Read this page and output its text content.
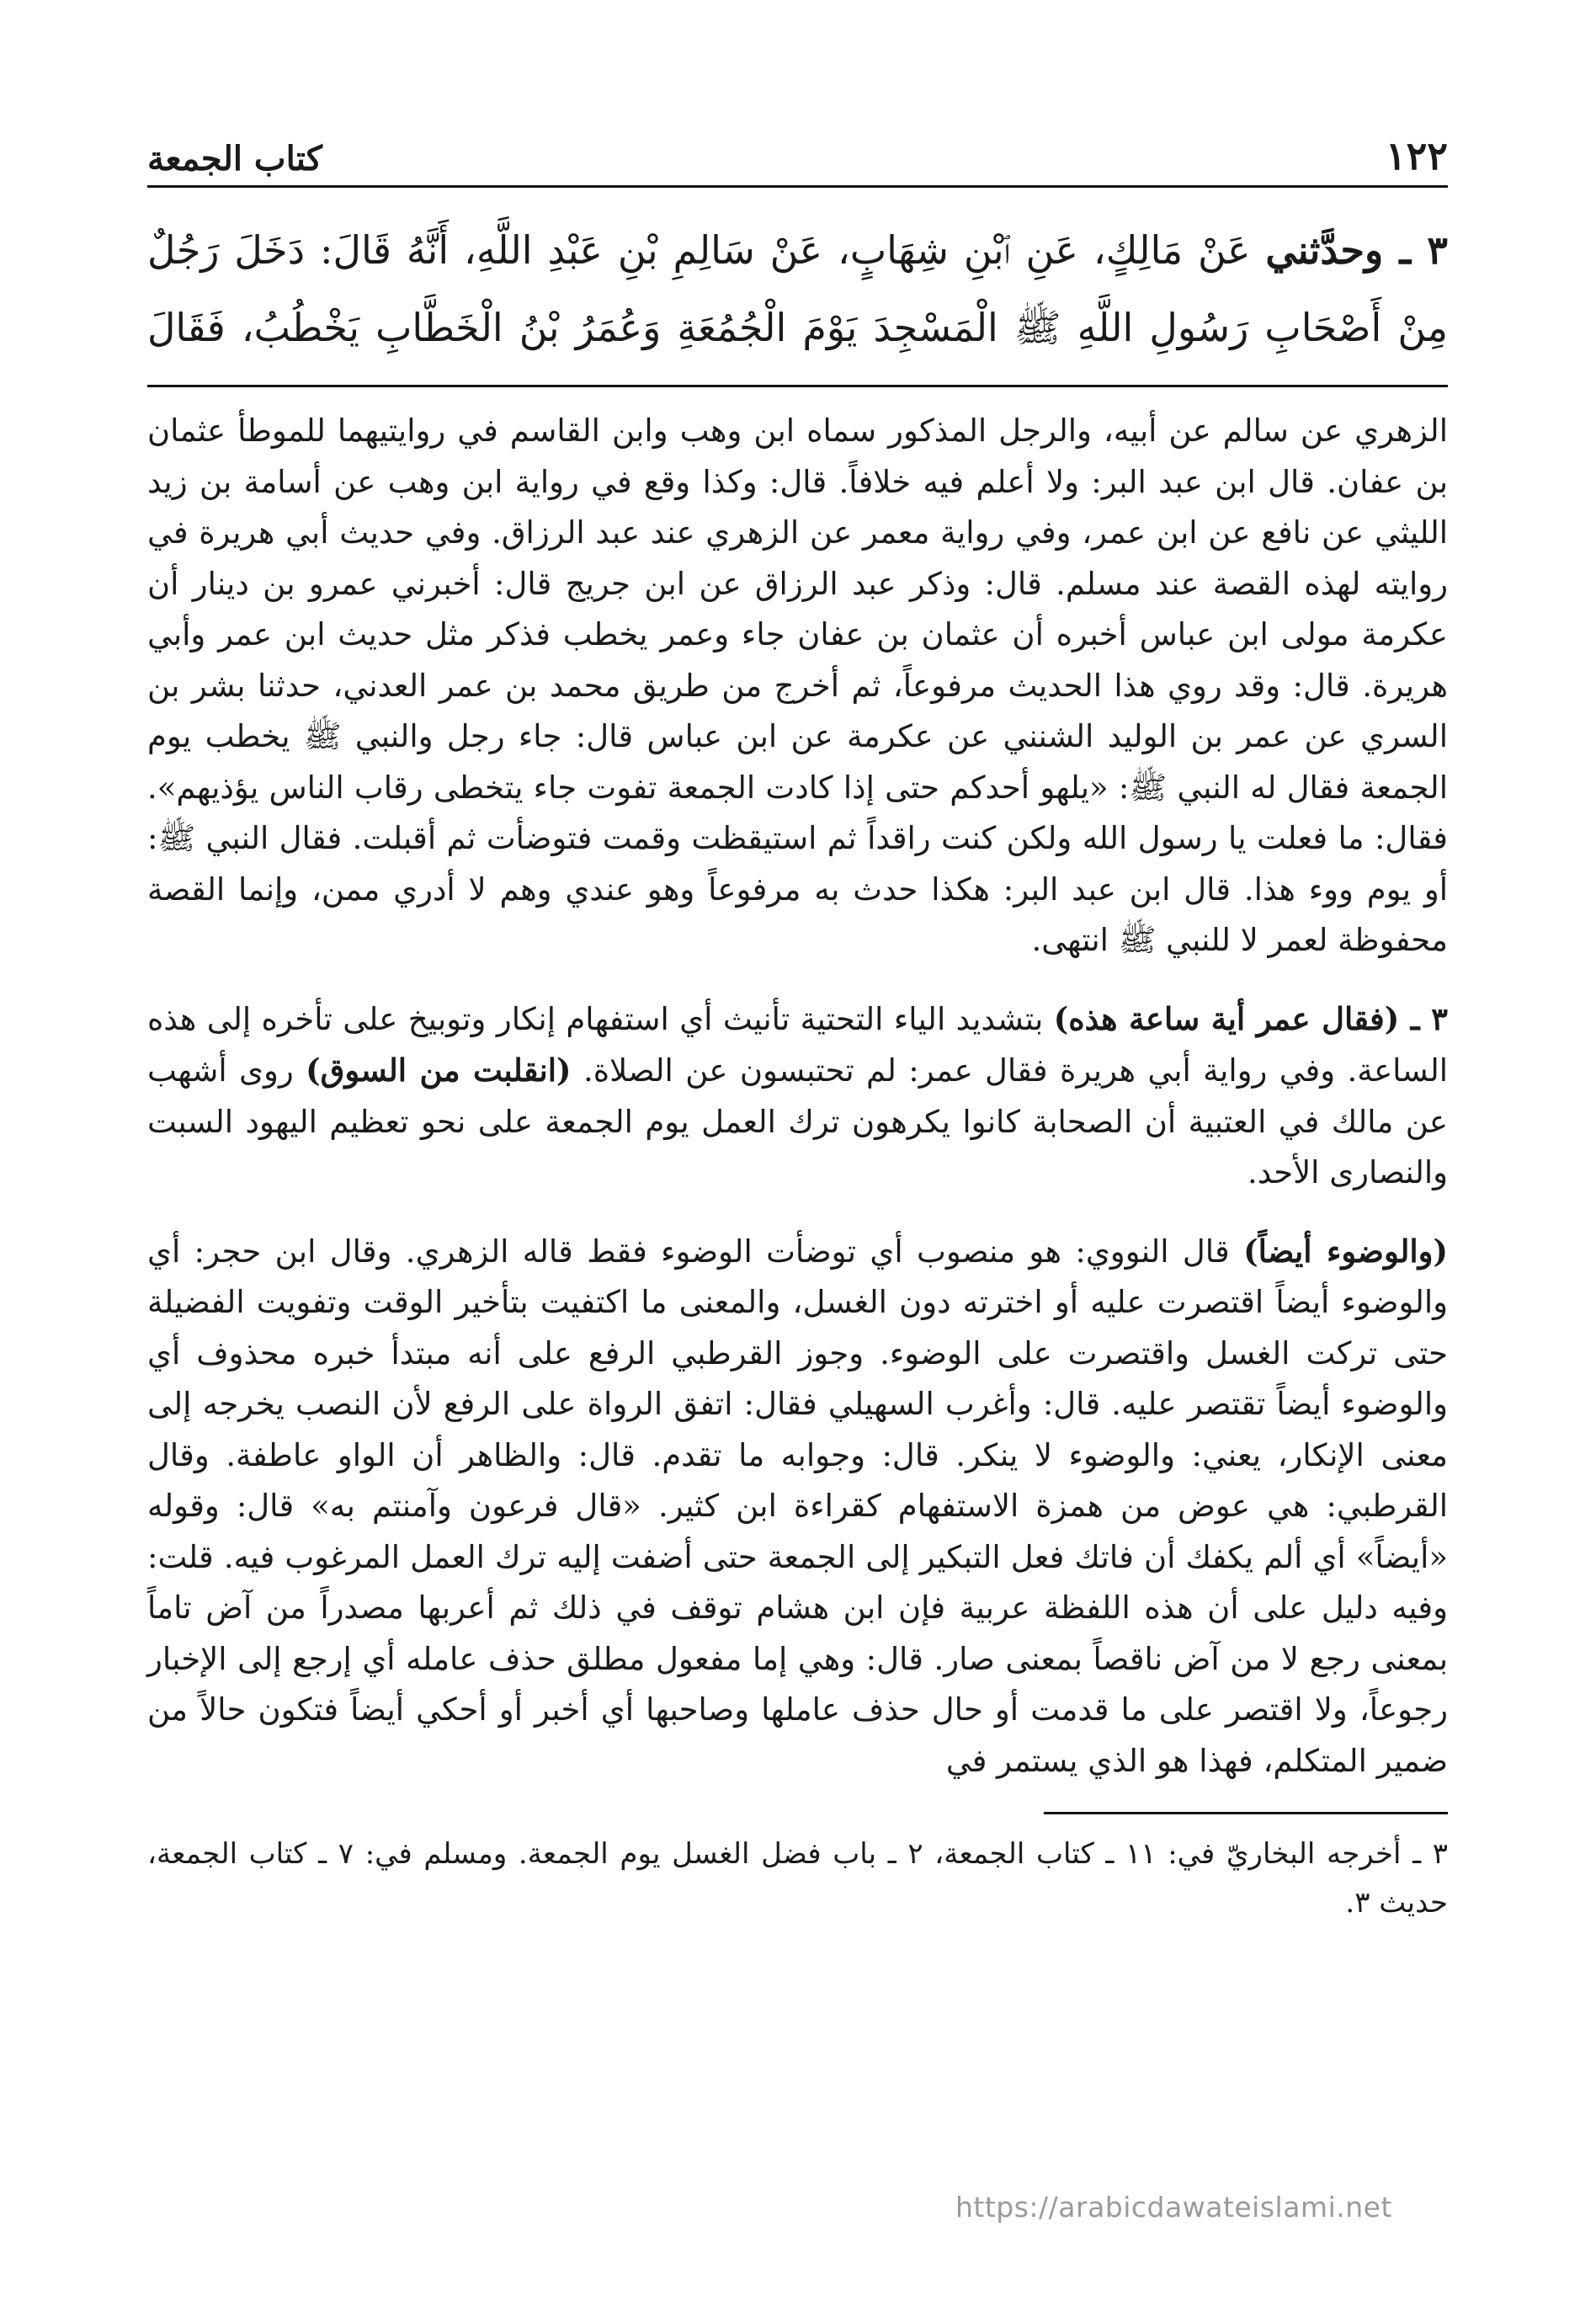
١٢٢
كتاب الجمعة
٣ ـ وحدَّثني عَنْ مَالِكٍ، عَنِ ٱبْنِ شِهَابٍ، عَنْ سَالِمِ بْنِ عَبْدِ اللَّهِ، أَنَّهُ قَالَ: دَخَلَ رَجُلٌ مِنْ أَصْحَابِ رَسُولِ اللَّهِ ﷺ الْمَسْجِدَ يَوْمَ الْجُمُعَةِ وَعُمَرُ بْنُ الْخَطَّابِ يَخْطُبُ، فَقَالَ

الزهري عن سالم عن أبيه، والرجل المذكور سماه ابن وهب وابن القاسم في روايتيهما للموطأ عثمان بن عفان. قال ابن عبد البر: ولا أعلم فيه خلافاً. قال: وكذا وقع في رواية ابن وهب عن أسامة بن زيد الليثي عن نافع عن ابن عمر، وفي رواية معمر عن الزهري عند عبد الرزاق. وفي حديث أبي هريرة في روايته لهذه القصة عند مسلم. قال: وذكر عبد الرزاق عن ابن جريج قال: أخبرني عمرو بن دينار أن عكرمة مولى ابن عباس أخبره أن عثمان بن عفان جاء وعمر يخطب فذكر مثل حديث ابن عمر وأبي هريرة. قال: وقد روي هذا الحديث مرفوعاً، ثم أخرج من طريق محمد بن عمر العدني، حدثنا بشر بن السري عن عمر بن الوليد الشنني عن عكرمة عن ابن عباس قال: جاء رجل والنبي ﷺ يخطب يوم الجمعة فقال له النبي ﷺ: «يلهو أحدكم حتى إذا كادت الجمعة تفوت جاء يتخطى رقاب الناس يؤذيهم». فقال: ما فعلت يا رسول الله ولكن كنت راقداً ثم استيقظت وقمت فتوضأت ثم أقبلت. فقال النبي ﷺ: أو يوم ووء هذا. قال ابن عبد البر: هكذا حدث به مرفوعاً وهو عندي وهم لا أدري ممن، وإنما القصة محفوظة لعمر لا للنبي ﷺ انتهى.

٣ ـ (فقال عمر أية ساعة هذه) بتشديد الياء التحتية تأنيث أي استفهام إنكار وتوبيخ على تأخره إلى هذه الساعة. وفي رواية أبي هريرة فقال عمر: لم تحتبسون عن الصلاة. (انقلبت من السوق) روى أشهب عن مالك في العتبية أن الصحابة كانوا يكرهون ترك العمل يوم الجمعة على نحو تعظيم اليهود السبت والنصارى الأحد.

(والوضوء أيضاً) قال النووي: هو منصوب أي توضأت الوضوء فقط قاله الزهري. وقال ابن حجر: أي والوضوء أيضاً اقتصرت عليه أو اخترته دون الغسل، والمعنى ما اكتفيت بتأخير الوقت وتفويت الفضيلة حتى تركت الغسل واقتصرت على الوضوء. وجوز القرطبي الرفع على أنه مبتدأ خبره محذوف أي والوضوء أيضاً تقتصر عليه. قال: وأغرب السهيلي فقال: اتفق الرواة على الرفع لأن النصب يخرجه إلى معنى الإنكار، يعني: والوضوء لا ينكر. قال: وجوابه ما تقدم. قال: والظاهر أن الواو عاطفة. وقال القرطبي: هي عوض من همزة الاستفهام كقراءة ابن كثير. «قال فرعون وآمنتم به» قال: وقوله «أيضاً» أي ألم يكفك أن فاتك فعل التبكير إلى الجمعة حتى أضفت إليه ترك العمل المرغوب فيه. قلت: وفيه دليل على أن هذه اللفظة عربية فإن ابن هشام توقف في ذلك ثم أعربها مصدراً من آض تاماً بمعنى رجع لا من آض ناقصاً بمعنى صار. قال: وهي إما مفعول مطلق حذف عامله أي إرجع إلى الإخبار رجوعاً، ولا اقتصر على ما قدمت أو حال حذف عاملها وصاحبها أي أخبر أو أحكي أيضاً فتكون حالاً من ضمير المتكلم، فهذا هو الذي يستمر في

٣ ـ أخرجه البخاريّ في: ١١ ـ كتاب الجمعة، ٢ ـ باب فضل الغسل يوم الجمعة. ومسلم في: ٧ ـ كتاب الجمعة، حديث ٣.
https://arabicdawateislami.net
